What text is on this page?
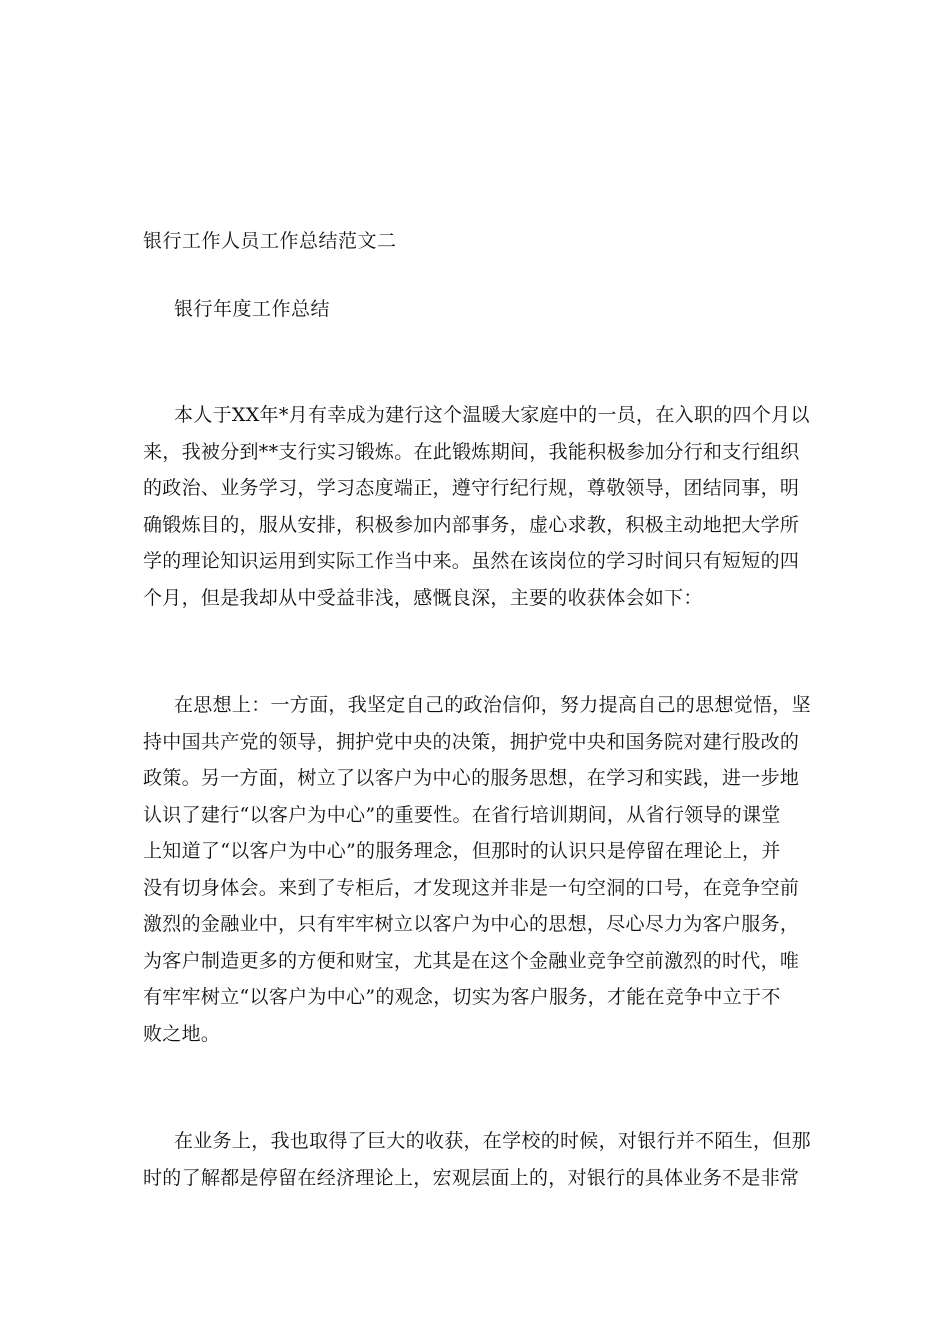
银行工作人员工作总结范文二
银行年度工作总结
本人于XX年*月有幸成为建行这个温暖大家庭中的一员，在入职的四个月以
来，我被分到**支行实习锻炼。在此锻炼期间，我能积极参加分行和支行组织
的政治、业务学习，学习态度端正，遵守行纪行规，尊敬领导，团结同事，明
确锻炼目的，服从安排，积极参加内部事务，虚心求教，积极主动地把大学所
学的理论知识运用到实际工作当中来。虽然在该岗位的学习时间只有短短的四
个月，但是我却从中受益非浅，感慨良深，主要的收获体会如下：
在思想上：一方面，我坚定自己的政治信仰，努力提高自己的思想觉悟，坚
持中国共产党的领导，拥护党中央的决策，拥护党中央和国务院对建行股改的
政策。另一方面，树立了以客户为中心的服务思想，在学习和实践，进一步地
认识了建行“以客户为中心”的重要性。在省行培训期间，从省行领导的课堂
上知道了“以客户为中心”的服务理念，但那时的认识只是停留在理论上，并
没有切身体会。来到了专柜后，才发现这并非是一句空洞的口号，在竞争空前
激烈的金融业中，只有牢牢树立以客户为中心的思想，尽心尽力为客户服务，
为客户制造更多的方便和财宝，尤其是在这个金融业竞争空前激烈的时代，唯
有牢牢树立“以客户为中心”的观念，切实为客户服务，才能在竞争中立于不
败之地。
在业务上，我也取得了巨大的收获，在学校的时候，对银行并不陌生，但那
时的了解都是停留在经济理论上，宏观层面上的，对银行的具体业务不是非常
